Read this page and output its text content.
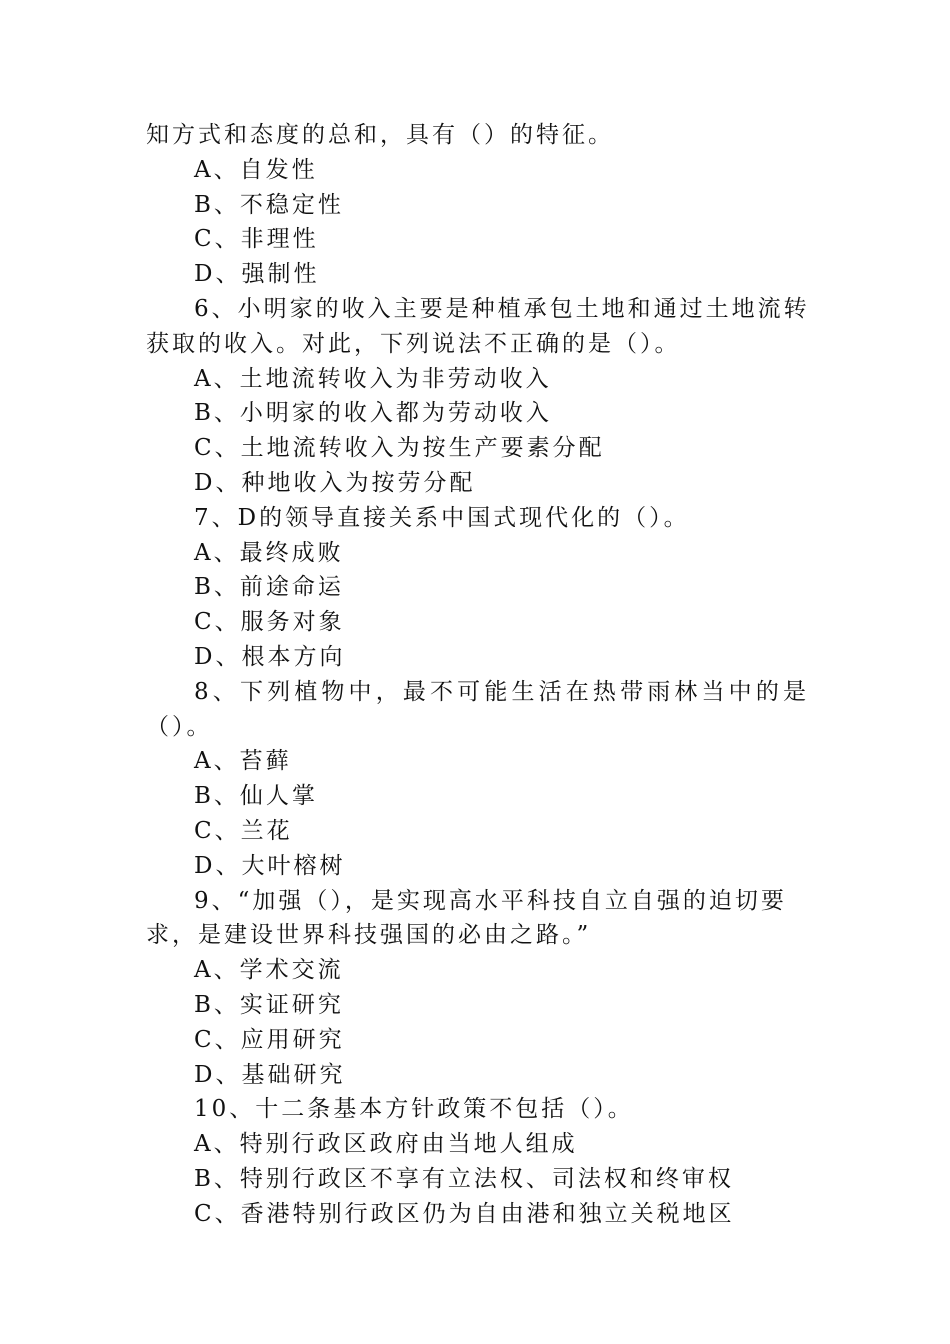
知方式和态度的总和，具有（）的特征。
A、自发性
B、不稳定性
C、非理性
D、强制性
6、小明家的收入主要是种植承包土地和通过土地流转
获取的收入。对此，下列说法不正确的是（）。
A、土地流转收入为非劳动收入
B、小明家的收入都为劳动收入
C、土地流转收入为按生产要素分配
D、种地收入为按劳分配
7、D的领导直接关系中国式现代化的（）。
A、最终成败
B、前途命运
C、服务对象
D、根本方向
8、下列植物中，最不可能生活在热带雨林当中的是
（）。
A、苔藓
B、仙人掌
C、兰花
D、大叶榕树
9、“加强（），是实现高水平科技自立自强的迫切要
求，是建设世界科技强国的必由之路。”
A、学术交流
B、实证研究
C、应用研究
D、基础研究
10、十二条基本方针政策不包括（）。
A、特别行政区政府由当地人组成
B、特别行政区不享有立法权、司法权和终审权
C、香港特别行政区仍为自由港和独立关税地区
